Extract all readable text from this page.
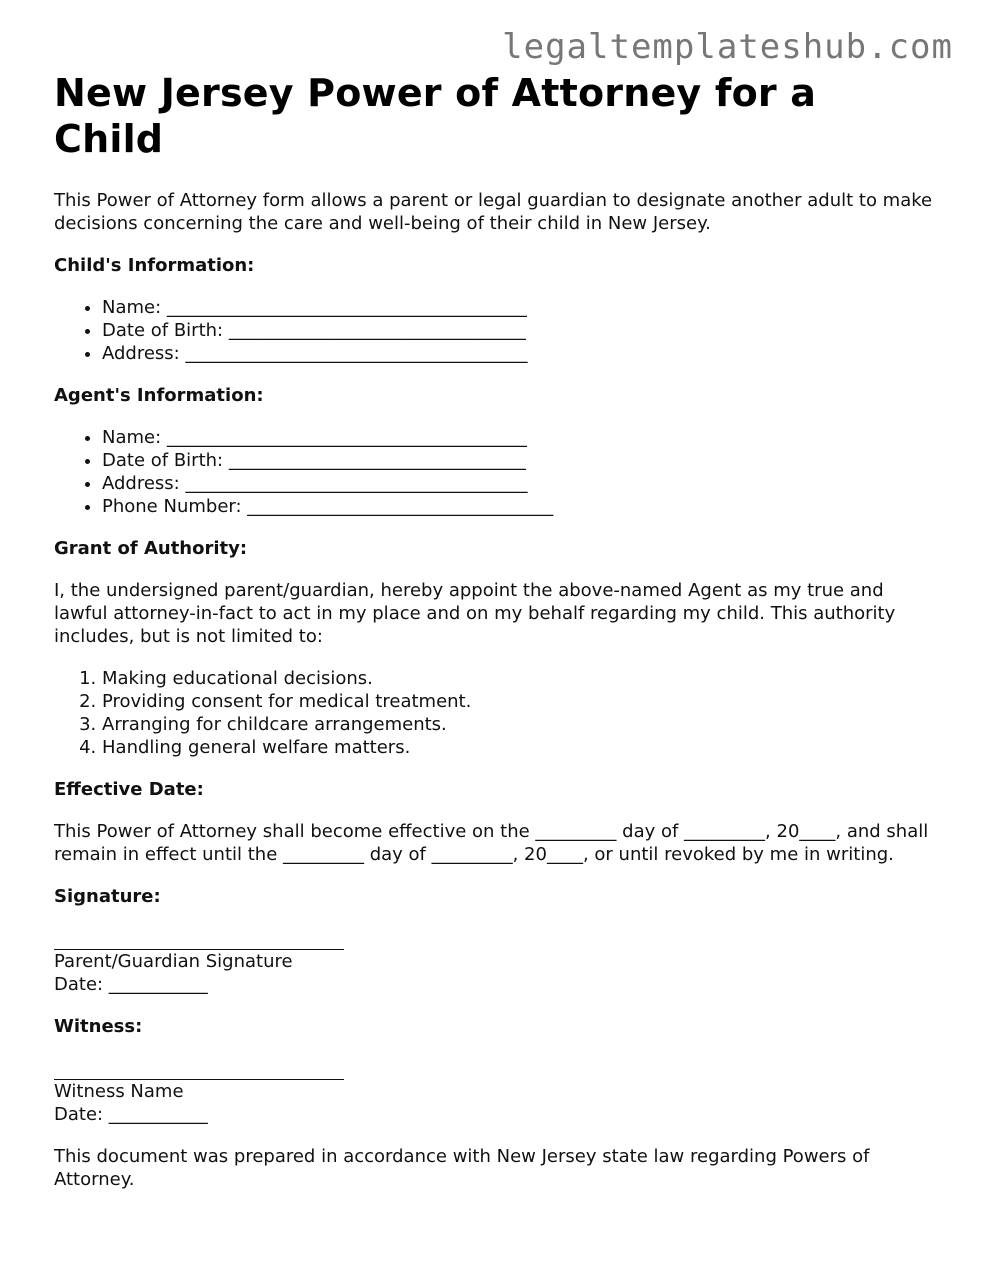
legaltemplateshub.com
New Jersey Power of Attorney for a Child

This Power of Attorney form allows a parent or legal guardian to designate another adult to make decisions concerning the care and well-being of their child in New Jersey.

Child's Information:
• Name: ________________________________________
• Date of Birth: _________________________________
• Address: ______________________________________
Agent's Information:
• Name: ________________________________________
• Date of Birth: _________________________________
• Address: ______________________________________
• Phone Number: __________________________________
Grant of Authority:

I, the undersigned parent/guardian, hereby appoint the above-named Agent as my true and lawful attorney-in-fact to act in my place and on my behalf regarding my child. This authority includes, but is not limited to:

1. Making educational decisions.
2. Providing consent for medical treatment.
3. Arranging for childcare arrangements.
4. Handling general welfare matters.
Effective Date:

This Power of Attorney shall become effective on the _________ day of _________, 20____, and shall remain in effect until the _________ day of _________, 20____, or until revoked by me in writing.

Signature:
Parent/Guardian Signature
Date: ___________
Witness:
Witness Name
Date: ___________

This document was prepared in accordance with New Jersey state law regarding Powers of Attorney.
